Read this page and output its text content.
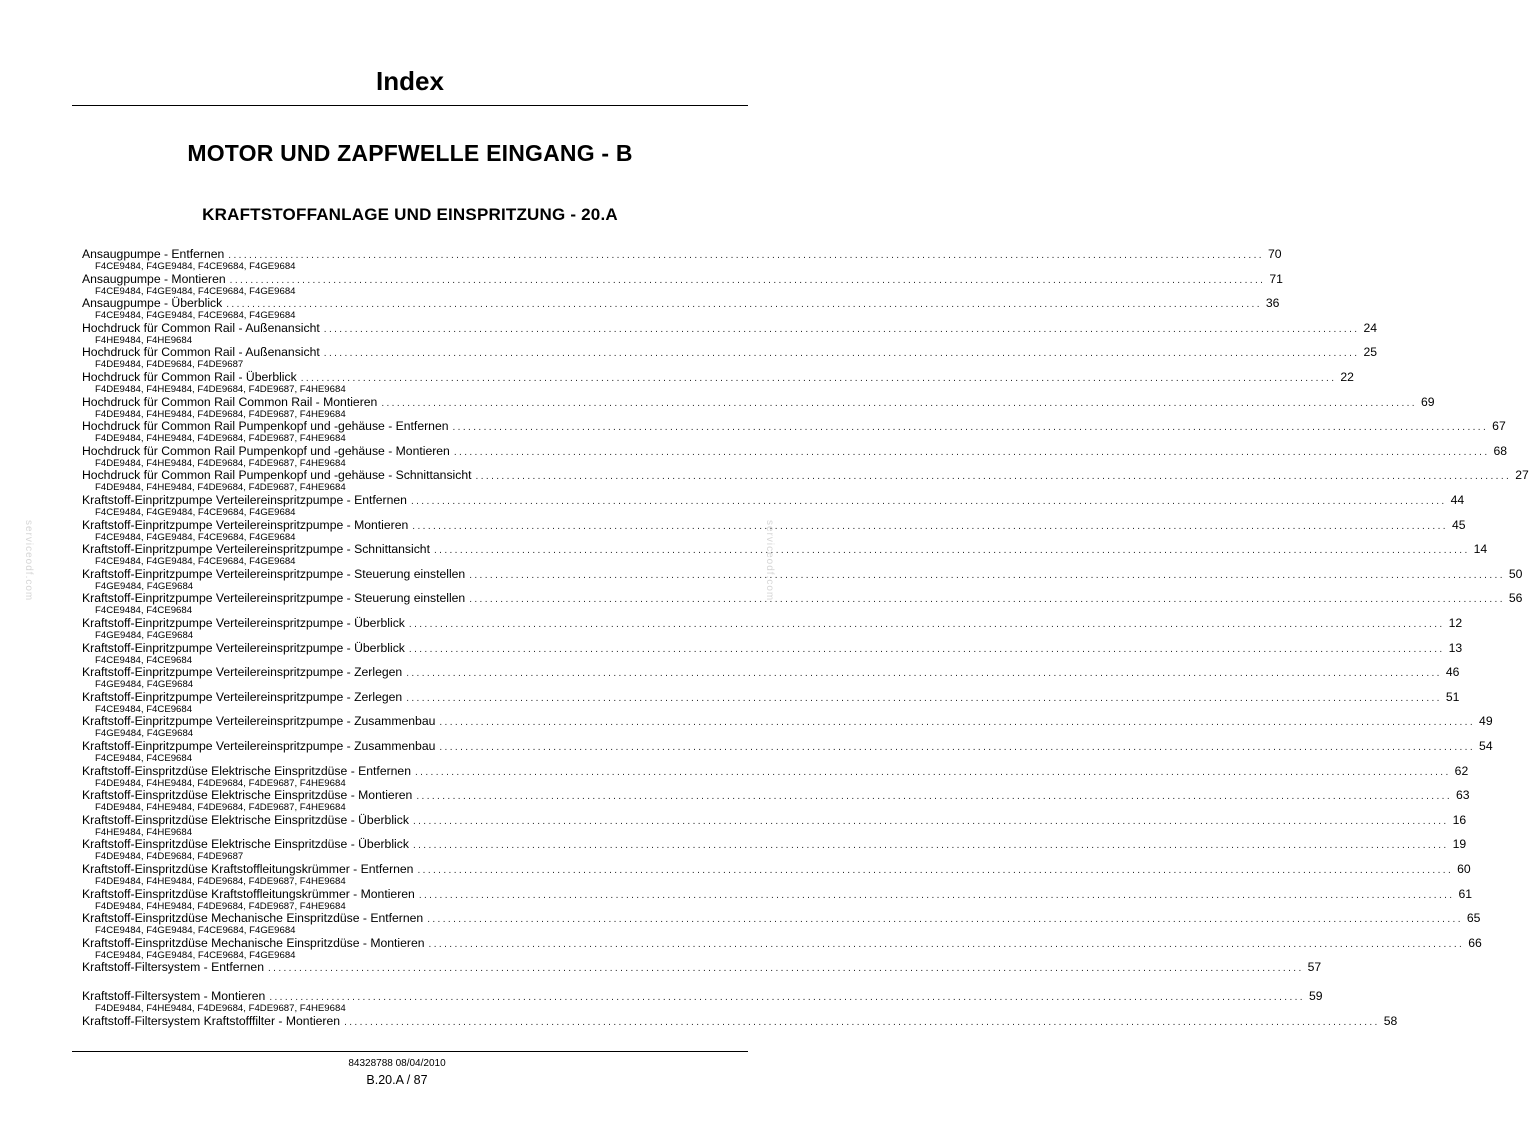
Index
MOTOR UND ZAPFWELLE EINGANG - B
KRAFTSTOFFANLAGE UND EINSPRITZUNG - 20.A
Ansaugpumpe - Entfernen ........................................................................................................................................................................................................ 70
F4CE9484, F4GE9484, F4CE9684, F4GE9684
Ansaugpumpe - Montieren ........................................................................................................................................................................................................ 71
F4CE9484, F4GE9484, F4CE9684, F4GE9684
Ansaugpumpe - Überblick ........................................................................................................................................................................................................ 36
F4CE9484, F4GE9484, F4CE9684, F4GE9684
Hochdruck für Common Rail - Außenansicht ........................................................................................................................................................................................................ 24
F4HE9484, F4HE9684
Hochdruck für Common Rail - Außenansicht ........................................................................................................................................................................................................ 25
F4DE9484, F4DE9684, F4DE9687
Hochdruck für Common Rail - Überblick ........................................................................................................................................................................................................ 22
F4DE9484, F4HE9484, F4DE9684, F4DE9687, F4HE9684
Hochdruck für Common Rail Common Rail - Montieren ........................................................................................................................................................................................................ 69
F4DE9484, F4HE9484, F4DE9684, F4DE9687, F4HE9684
Hochdruck für Common Rail Pumpenkopf und -gehäuse - Entfernen ........................................................................................................................................................................................................ 67
F4DE9484, F4HE9484, F4DE9684, F4DE9687, F4HE9684
Hochdruck für Common Rail Pumpenkopf und -gehäuse - Montieren ........................................................................................................................................................................................................ 68
F4DE9484, F4HE9484, F4DE9684, F4DE9687, F4HE9684
Hochdruck für Common Rail Pumpenkopf und -gehäuse - Schnittansicht ........................................................................................................................................................................................................ 27
F4DE9484, F4HE9484, F4DE9684, F4DE9687, F4HE9684
Kraftstoff-Einpritzpumpe Verteilereinspritzpumpe - Entfernen ........................................................................................................................................................................................................ 44
F4CE9484, F4GE9484, F4CE9684, F4GE9684
Kraftstoff-Einpritzpumpe Verteilereinspritzpumpe - Montieren ........................................................................................................................................................................................................ 45
F4CE9484, F4GE9484, F4CE9684, F4GE9684
Kraftstoff-Einpritzpumpe Verteilereinspritzpumpe - Schnittansicht ........................................................................................................................................................................................................ 14
F4CE9484, F4GE9484, F4CE9684, F4GE9684
Kraftstoff-Einpritzpumpe Verteilereinspritzpumpe - Steuerung einstellen ........................................................................................................................................................................................................ 50
F4GE9484, F4GE9684
Kraftstoff-Einpritzpumpe Verteilereinspritzpumpe - Steuerung einstellen ........................................................................................................................................................................................................ 56
F4CE9484, F4CE9684
Kraftstoff-Einpritzpumpe Verteilereinspritzpumpe - Überblick ........................................................................................................................................................................................................ 12
F4GE9484, F4GE9684
Kraftstoff-Einpritzpumpe Verteilereinspritzpumpe - Überblick ........................................................................................................................................................................................................ 13
F4CE9484, F4CE9684
Kraftstoff-Einpritzpumpe Verteilereinspritzpumpe - Zerlegen ........................................................................................................................................................................................................ 46
F4GE9484, F4GE9684
Kraftstoff-Einpritzpumpe Verteilereinspritzpumpe - Zerlegen ........................................................................................................................................................................................................ 51
F4CE9484, F4CE9684
Kraftstoff-Einpritzpumpe Verteilereinspritzpumpe - Zusammenbau ........................................................................................................................................................................................................ 49
F4GE9484, F4GE9684
Kraftstoff-Einpritzpumpe Verteilereinspritzpumpe - Zusammenbau ........................................................................................................................................................................................................ 54
F4CE9484, F4CE9684
Kraftstoff-Einspritzdüse Elektrische Einspritzdüse - Entfernen ........................................................................................................................................................................................................ 62
F4DE9484, F4HE9484, F4DE9684, F4DE9687, F4HE9684
Kraftstoff-Einspritzdüse Elektrische Einspritzdüse - Montieren ........................................................................................................................................................................................................ 63
F4DE9484, F4HE9484, F4DE9684, F4DE9687, F4HE9684
Kraftstoff-Einspritzdüse Elektrische Einspritzdüse - Überblick ........................................................................................................................................................................................................ 16
F4HE9484, F4HE9684
Kraftstoff-Einspritzdüse Elektrische Einspritzdüse - Überblick ........................................................................................................................................................................................................ 19
F4DE9484, F4DE9684, F4DE9687
Kraftstoff-Einspritzdüse Kraftstoffleitungskrümmer - Entfernen ........................................................................................................................................................................................................ 60
F4DE9484, F4HE9484, F4DE9684, F4DE9687, F4HE9684
Kraftstoff-Einspritzdüse Kraftstoffleitungskrümmer - Montieren ........................................................................................................................................................................................................ 61
F4DE9484, F4HE9484, F4DE9684, F4DE9687, F4HE9684
Kraftstoff-Einspritzdüse Mechanische Einspritzdüse - Entfernen ........................................................................................................................................................................................................ 65
F4CE9484, F4GE9484, F4CE9684, F4GE9684
Kraftstoff-Einspritzdüse Mechanische Einspritzdüse - Montieren ........................................................................................................................................................................................................ 66
F4CE9484, F4GE9484, F4CE9684, F4GE9684
Kraftstoff-Filtersystem - Entfernen ........................................................................................................................................................................................................ 57
Kraftstoff-Filtersystem - Montieren ........................................................................................................................................................................................................ 59
F4DE9484, F4HE9484, F4DE9684, F4DE9687, F4HE9684
Kraftstoff-Filtersystem Kraftstofffilter - Montieren ........................................................................................................................................................................................................ 58
84328788 08/04/2010
B.20.A / 87
serviceodf.com	serviceodf.com
